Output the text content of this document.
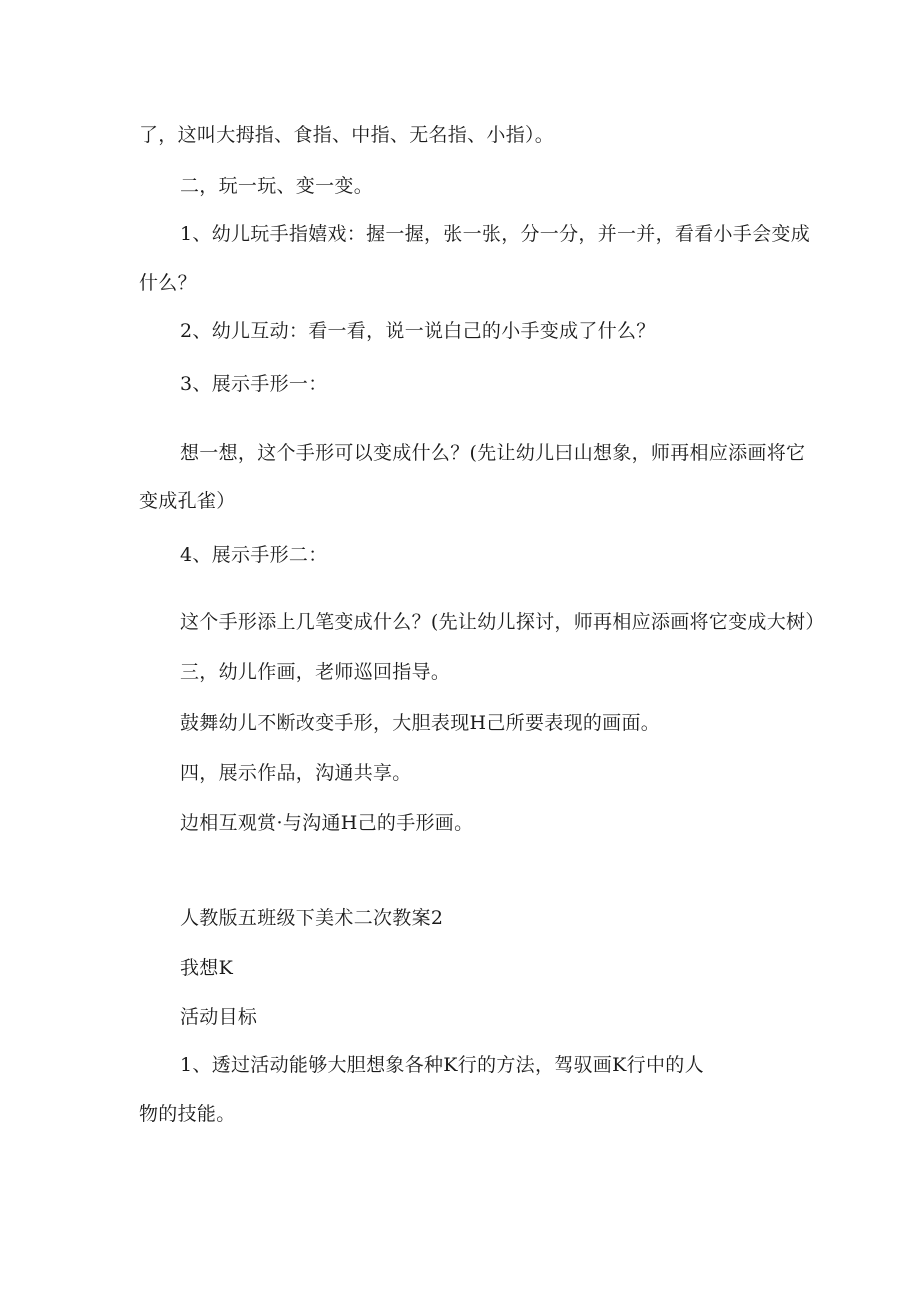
了，这叫大拇指、食指、中指、无名指、小指）。
二，玩一玩、变一变。
1、幼儿玩手指嬉戏：握一握，张一张，分一分，并一并，看看小手会变成
什么？
2、幼儿互动：看一看，说一说白己的小手变成了什么？
3、展示手形一：
想一想，这个手形可以变成什么？(先让幼儿曰山想象，师再相应添画将它
变成孔雀）
4、展示手形二：
这个手形添上几笔变成什么？(先让幼儿探讨，师再相应添画将它变成大树）
三，幼儿作画，老师巡回指导。
鼓舞幼儿不断改变手形，大胆表现H己所要表现的画面。
四，展示作品，沟通共享。
边相互观赏·与沟通H己的手形画。
人教版五班级下美术二次教案2
我想K
活动目标
1、透过活动能够大胆想象各种K行的方法，驾驭画K行中的人
物的技能。
